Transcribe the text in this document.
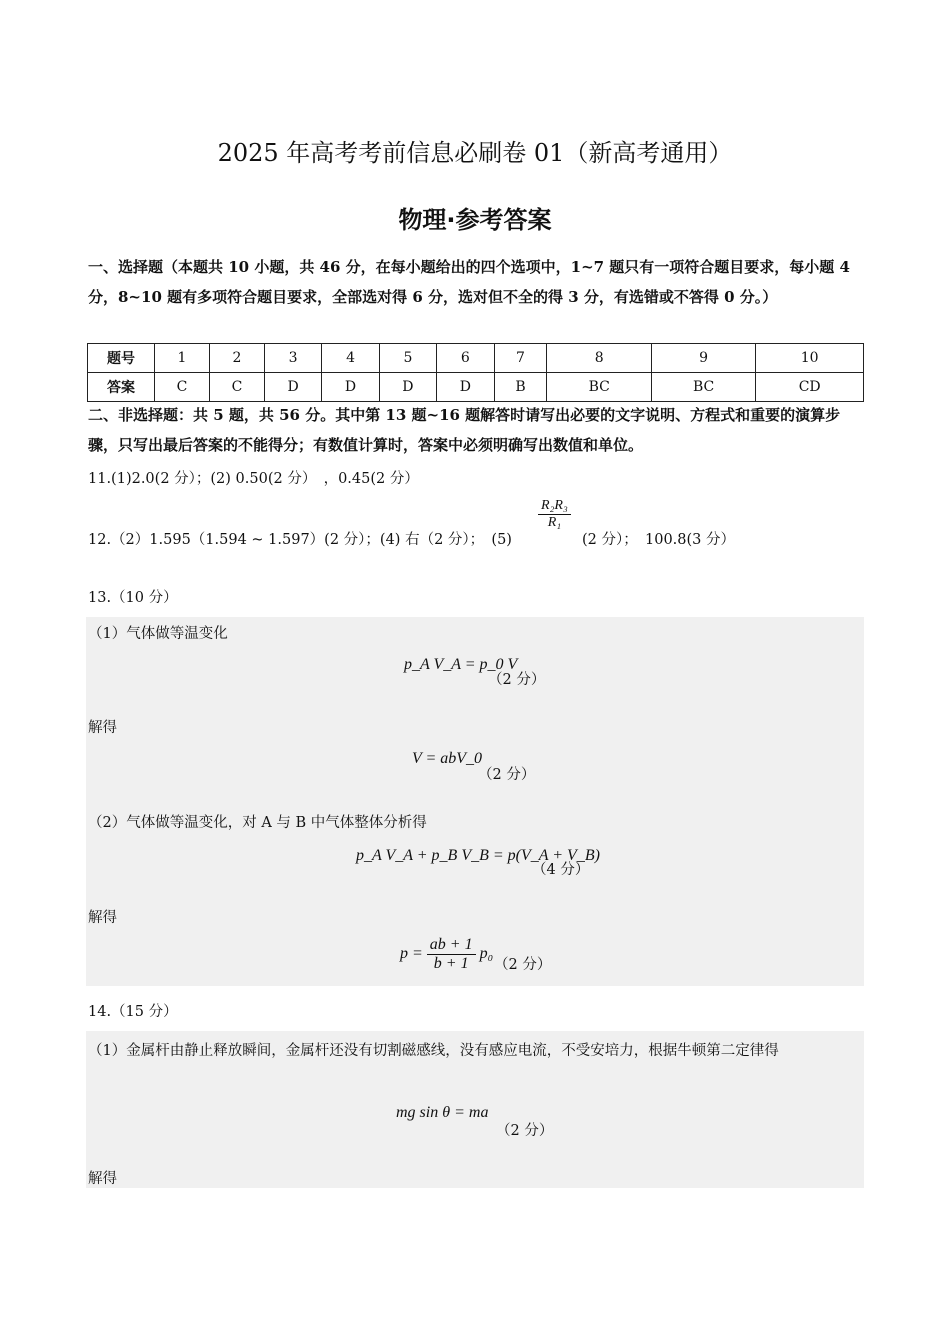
2025 年高考考前信息必刷卷 01（新高考通用）
物理·参考答案
一、选择题（本题共 10 小题，共 46 分，在每小题给出的四个选项中，1~7 题只有一项符合题目要求，每小题 4 分，8~10 题有多项符合题目要求，全部选对得 6 分，选对但不全的得 3 分，有选错或不答得 0 分。）
题号	1	2	3	4	5	6	7	8	9	10
答案	C	C	D	D	D	D	B	BC	BC	CD
二、非选择题：共 5 题，共 56 分。其中第 13 题~16 题解答时请写出必要的文字说明、方程式和重要的演算步骤，只写出最后答案的不能得分；有数值计算时，答案中必须明确写出数值和单位。
11.(1)2.0(2 分）；(2) 0.50(2 分）　，0.45(2 分）
12.（2）1.595（1.594 ~ 1.597）(2 分）；(4) 右（2 分）；　(5)
$\frac{\text{R₂R₃}}{\text{R₁}}$
(2 分）；　100.8(3 分）
13.（10 分）
（1）气体做等温变化
p_A V_A = p_0 V
（2 分）
解得
V = abV_0
（2 分）
（2）气体做等温变化，对 A 与 B 中气体整体分析得
p_A V_A + p_B V_B = p(V_A + V_B)
（4 分）
解得
$p = \frac{ab + 1}{b + 1} p_0$
（2 分）
14.（15 分）
（1）金属杆由静止释放瞬间，金属杆还没有切割磁感线，没有感应电流，不受安培力，根据牛顿第二定律得
mg sin θ = ma
（2 分）
解得
